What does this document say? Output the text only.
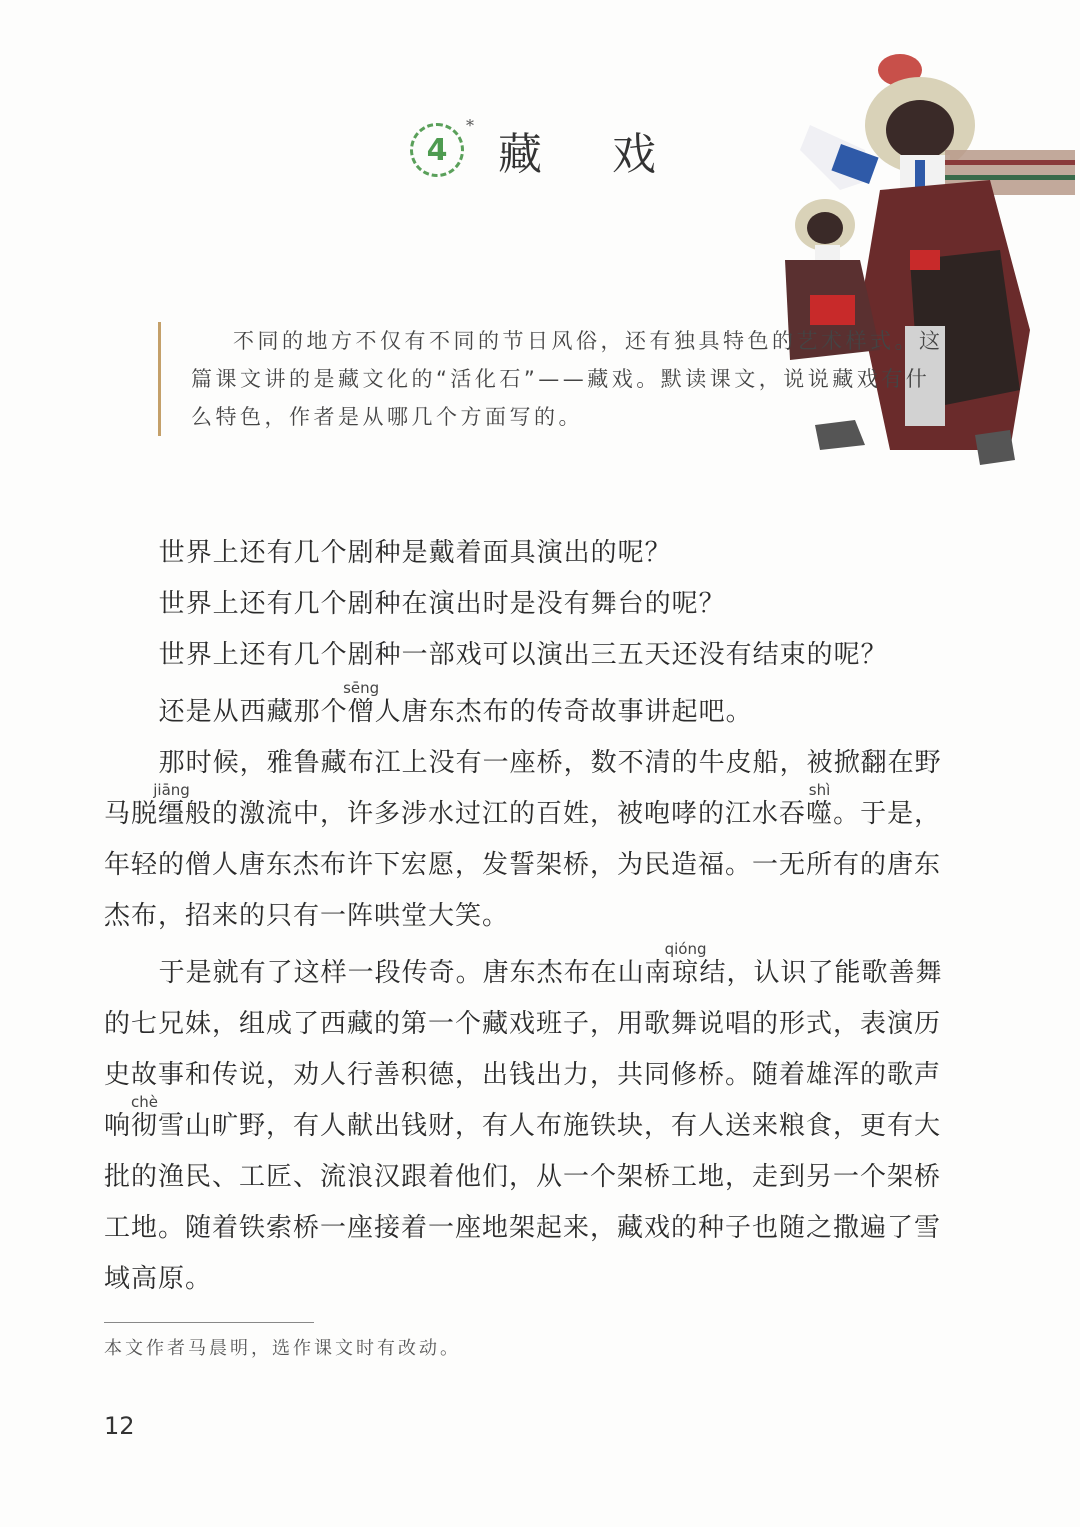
4
*
藏 戏

不同的地方不仅有不同的节日风俗，还有独具特色的艺术样式。这篇课文讲的是藏文化的“活化石”——藏戏。默读课文，说说藏戏有什么特色，作者是从哪几个方面写的。

世界上还有几个剧种是戴着面具演出的呢？

世界上还有几个剧种在演出时是没有舞台的呢？

世界上还有几个剧种一部戏可以演出三五天还没有结束的呢？

还是从西藏那个僧sēng人唐东杰布的传奇故事讲起吧。

那时候，雅鲁藏布江上没有一座桥，数不清的牛皮船，被掀翻在野马脱缰jiāng般的激流中，许多涉水过江的百姓，被咆哮的江水吞噬shì。于是，年轻的僧人唐东杰布许下宏愿，发誓架桥，为民造福。一无所有的唐东杰布，招来的只有一阵哄堂大笑。

于是就有了这样一段传奇。唐东杰布在山南琼qióng结，认识了能歌善舞的七兄妹，组成了西藏的第一个藏戏班子，用歌舞说唱的形式，表演历史故事和传说，劝人行善积德，出钱出力，共同修桥。随着雄浑的歌声响彻chè雪山旷野，有人献出钱财，有人布施铁块，有人送来粮食，更有大批的渔民、工匠、流浪汉跟着他们，从一个架桥工地，走到另一个架桥工地。随着铁索桥一座接着一座地架起来，藏戏的种子也随之撒遍了雪域高原。

本文作者马晨明，选作课文时有改动。
12
